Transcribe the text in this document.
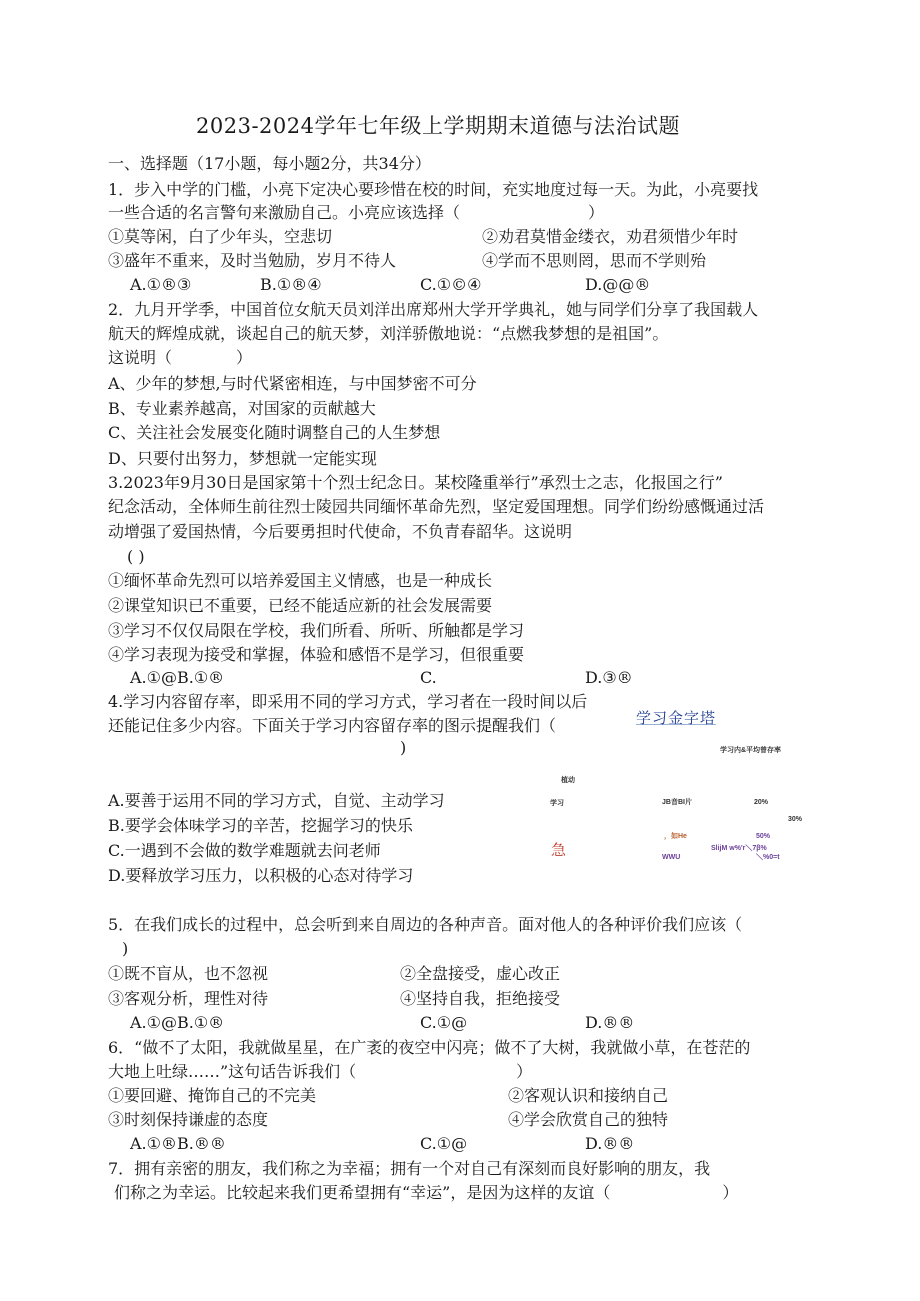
2023-2024学年七年级上学期期末道德与法治试题
一、选择题（17小题，每小题2分，共34分）
1．步入中学的门槛，小亮下定决心要珍惜在校的时间，充实地度过每一天。为此，小亮要找
一些合适的名言警句来激励自己。小亮应该选择（　　　　　　　　）
①莫等闲，白了少年头，空悲切	②劝君莫惜金缕衣，劝君须惜少年时
③盛年不重来，及时当勉励，岁月不待人	④学而不思则罔，思而不学则殆
A.①®③	B.①®④	C.①©④	D.@@®
2．九月开学季，中国首位女航天员刘洋出席郑州大学开学典礼，她与同学们分享了我国载人
航天的辉煌成就，谈起自己的航天梦，刘洋骄傲地说：“点燃我梦想的是祖国”。
这说明（　　　　）
A、少年的梦想,与时代紧密相连，与中国梦密不可分
B、专业素养越高，对国家的贡献越大
C、关注社会发展变化随时调整自己的人生梦想
D、只要付出努力，梦想就一定能实现
3.2023年9月30日是国家第十个烈士纪念日。某校隆重举行”承烈士之志，化报国之行”
纪念活动，全体师生前往烈士陵园共同缅怀革命先烈，坚定爱国理想。同学们纷纷感慨通过活
动增强了爱国热情，今后要勇担时代使命，不负青春韶华。这说明
( )
①缅怀革命先烈可以培养爱国主义情感，也是一种成长
②课堂知识已不重要，已经不能适应新的社会发展需要
③学习不仅仅局限在学校，我们所看、所听、所触都是学习
④学习表现为接受和掌握，体验和感悟不是学习，但很重要
A.①@B.①®	C.	D.③®
4.学习内容留存率，即采用不同的学习方式，学习者在一段时间以后
还能记住多少内容。下面关于学习内容留存率的图示提醒我们（
)
A.要善于运用不同的学习方式，自觉、主动学习
B.要学会体味学习的辛苦，挖掘学习的快乐
C.一遇到不会做的数学难题就去问老师
D.要释放学习压力，以积极的心态对待学习
学习金字塔
学习内&平均曾存率
植动
学习	JB音BI片	20%
30%
，如He	50%
急	SlijM w%'r＼7β%
WWU	＼%0=t
5．在我们成长的过程中，总会听到来自周边的各种声音。面对他人的各种评价我们应该（
)
①既不盲从，也不忽视	②全盘接受，虚心改正
③客观分析，理性对待	④坚持自我，拒绝接受
A.①@B.①®	C.①@	D.®®
6．“做不了太阳，我就做星星，在广袤的夜空中闪亮；做不了大树，我就做小草，在苍茫的
大地上吐绿……”这句话告诉我们（　　　　　　　　　　）
①要回避、掩饰自己的不完美	②客观认识和接纳自己
③时刻保持谦虚的态度	④学会欣赏自己的独特
A.①®B.®®	C.①@	D.®®
7．拥有亲密的朋友，我们称之为幸福；拥有一个对自己有深刻而良好影响的朋友，我
们称之为幸运。比较起来我们更希望拥有“幸运”，是因为这样的友谊（　　　　　　　）
